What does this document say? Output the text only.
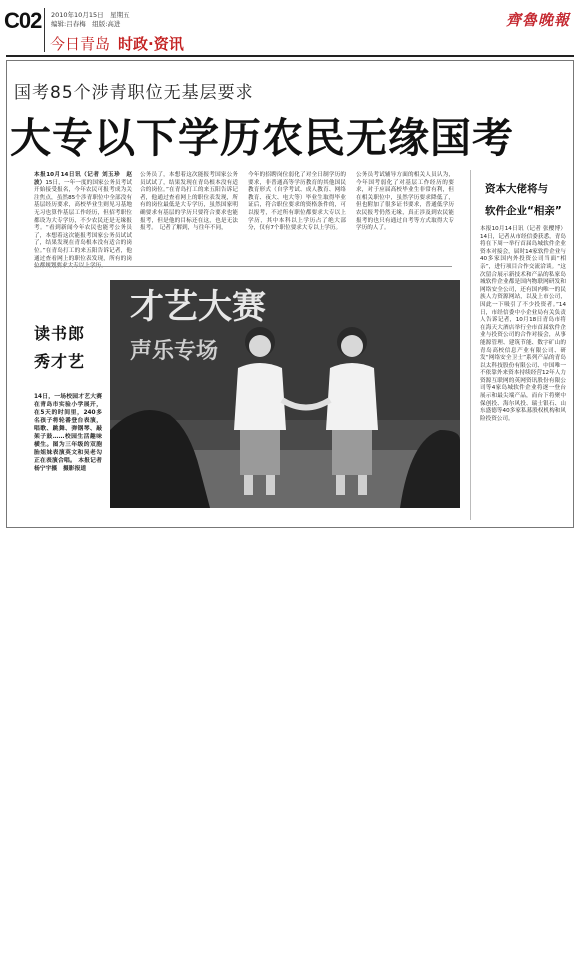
C02 2010年10月15日　星期五
编辑:吕春梅　组版:高进
今日青岛 时政·资讯
齊魯晚報
国考85个涉青职位无基层要求
大专以下学历农民无缘国考
本报10月14日讯（记者 刘玉珍　赵波）15日，一年一度的国家公务员考试开始接受报名，今年农民可报考成为关注焦点，虽然85个涉青职位中全部没有基层经历要求，高校毕业生则见习基地无习也算作基层工作经历，但招考职位都设为大专学历，不少农民还是无缘报考。“看到新闻今年农民也能考公务员了，本想着这次能报考国家公务员试试了，结果发现在青岛根本没有适合的岗位。”在青岛打工的来五阳告诉记者，他通过查看网上的职位表发现，所有的岗
公务员了，本想着这次能报考国家公务员试试了，结果发现在青岛根本没有适合的岗位。”在青岛打工的来五阳告诉记者，他通过查看网上的职位表发现，所有的岗位最低是大专学历，虽然国家明确要求有基层的学历只要符合要求也能报考，但是他的目标还在这，也是无法报考。　记者了解到，与往年不同，
今年的招聘岗位弱化了对全日制学历的要求，非普通高等学历教育的其他国民教育形式（自学考试、成人教育、网络教育、夜大、电大等）毕业生取得毕业证后，符合职位要求的资格条件的，可以报考，不过所有职位都要求大专以上学历，其中本科以上学历占了绝大部分，仅有7个职位要求大专以上学历。
公务员考试辅导方面的相关人员认为，今年国考弱化了对基层工作经历的要求，对于应届高校毕业生非常有利，但在相关职位中，虽然学历要求降低了，但也附加了很多证书要求，普通低学历农民报考仍然无缘，真正涉及到农民能报考的也只有通过自考等方式取得大专学历的人了。
资本大佬将与
软件企业“相亲”
本报10月14日讯（记者 张樱博）14日，记者从市经信委获悉，青岛将在下周一举行首届岛城软件企业资本对接会，届时14家软件企业与40多家国内外投资公司当面“相亲”，进行项目合作交流洽谈。“这次留合展示新技术和产品的私家岛城软件企业都是国内物联网研发和网络安全公司，还有国内唯一的民族人力资源网站，以及上市公司，因此一下吸引了不少投资者。”14日，市经信委中小企业局有关负责人告诉记者，10月18日青岛市将在海天大酒店举行全市首届软件企业与投资公司的合作对接会，从事能源管理、建筑节能、数字矿山的青岛高校信息产业有限公司、研发“网络安全卫士”系列产品的青岛以太科技股份有限公司、中国唯一不依靠外来资本持续经营12年人力资源互联网的英网资讯股份有限公司等4家岛城软件企业将逐一登台展示和最尖端产品，而台下将聚中保创投、海尔风投、瑞士银石、山东盛德等40多家私募股权机构和风险投资公司。
读书郎
秀才艺
14日，一场校园才艺大赛在青岛市实验小学展开，在5天的时间里，240多名孩子将轮番登台表演，唱歌、跳舞、弹钢琴、敲架子鼓……校园生活趣味横生。图为三年级的双胞胎姐妹表演英文和吴老勾正在表演合唱。 本报记者　杨宁宇摄　摄影报道
才艺大赛
声乐专场
